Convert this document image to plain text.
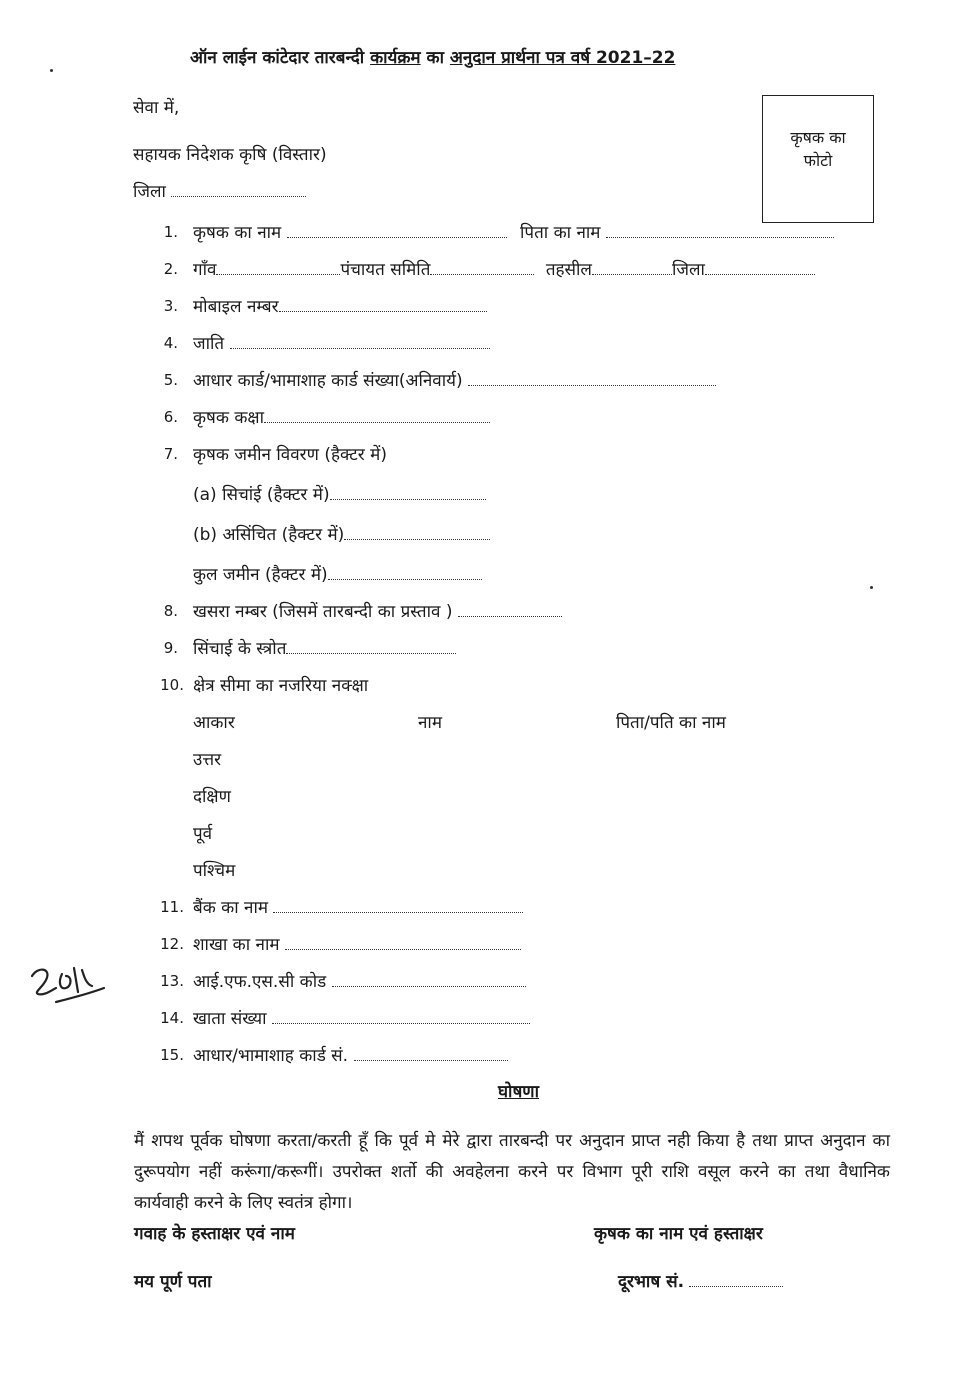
ऑन लाईन कांटेदार तारबन्दी कार्यक्रम का अनुदान प्रार्थना पत्र वर्ष 2021–22
कृषक का
फोटो
सेवा में,
सहायक निदेशक कृषि (विस्तार)
जिला
1. कृषक का नाम	पिता का नाम
2. गाँव	पंचायत समिति	तहसील	जिला
3. मोबाइल नम्बर
4. जाति
5. आधार कार्ड/भामाशाह कार्ड संख्या(अनिवार्य)
6. कृषक कक्षा
7. कृषक जमीन विवरण (हैक्टर में)
(a) सिचांई (हैक्टर में)
(b) असिंचित (हैक्टर में)
कुल जमीन (हैक्टर में)
8. खसरा नम्बर (जिसमें तारबन्दी का प्रस्ताव )
9. सिंचाई के स्त्रोत
10. क्षेत्र सीमा का नजरिया नक्क्षा
आकार	नाम	पिता/पति का नाम
उत्तर
दक्षिण
पूर्व
पश्चिम
11. बैंक का नाम
12. शाखा का नाम
13. आई.एफ.एस.सी कोड
14. खाता संख्या
15. आधार/भामाशाह कार्ड सं.
घोषणा
मैं शपथ पूर्वक घोषणा करता/करती हूँ कि पूर्व मे मेरे द्वारा तारबन्दी पर अनुदान प्राप्त नही किया है तथा प्राप्त अनुदान का दुरूपयोग नहीं करूंगा/करूगीं। उपरोक्त शर्तो की अवहेलना करने पर विभाग पूरी राशि वसूल करने का तथा वैधानिक कार्यवाही करने के लिए स्वतंत्र होगा।
गवाह के हस्ताक्षर एवं नाम	कृषक का नाम एवं हस्ताक्षर
मय पूर्ण पता	दूरभाष सं.
